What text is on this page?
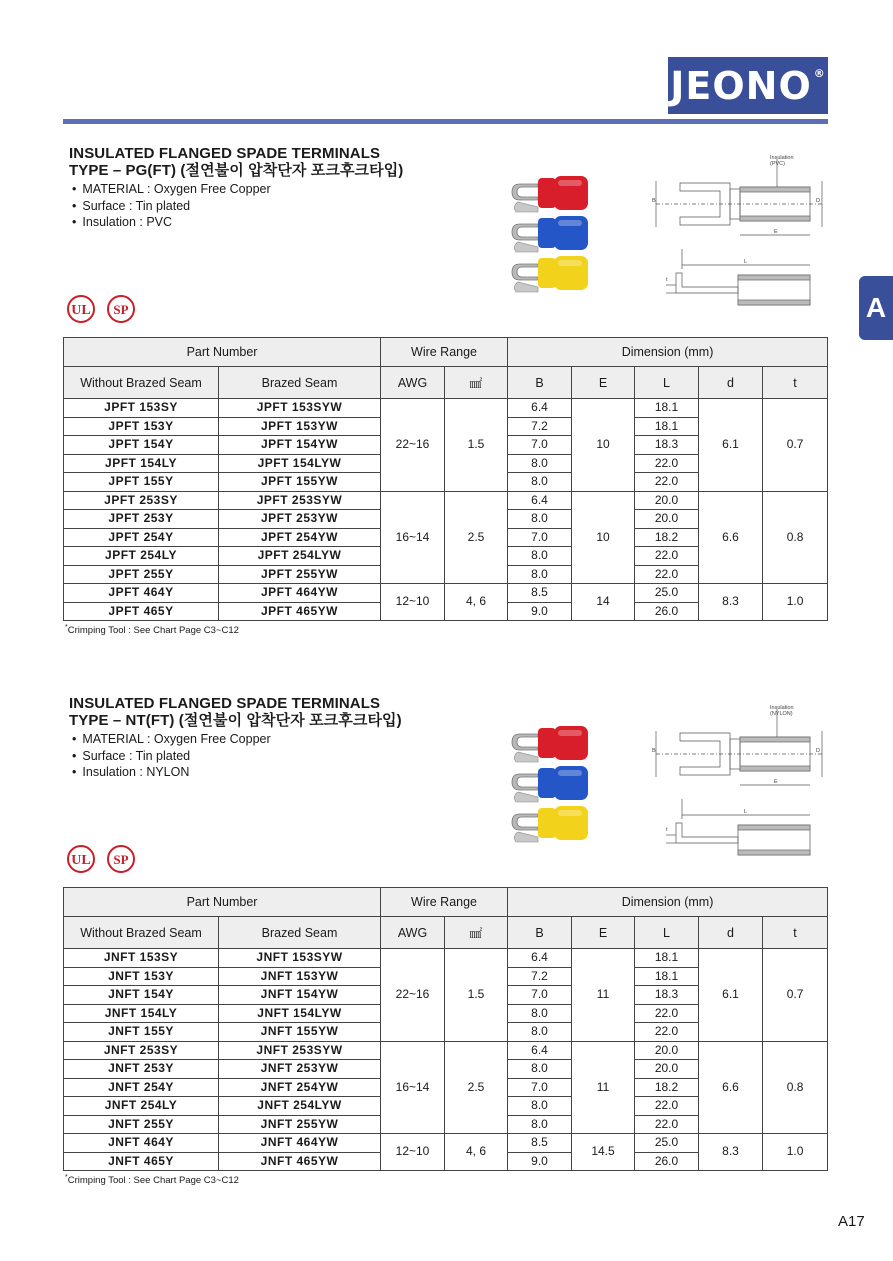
JEONO®
A
INSULATED FLANGED SPADE TERMINALS
TYPE – PG(FT) (절연불이 압착단자 포크후크타입)
• MATERIAL : Oxygen Free Copper
• Surface : Tin plated
• Insulation : PVC
Insulation
(PVC)
B	D
E
L
t
UL SP
Part Number		Wire Range		Dimension (mm)				
Without Brazed Seam	Brazed Seam	AWG	㎟	B	E	L	d	t
JPFT 153SY	JPFT 153SYW	22~16	1.5	6.4	10	18.1	6.1	0.7
JPFT 153Y	JPFT 153YW			7.2		18.1		
JPFT 154Y	JPFT 154YW			7.0		18.3		
JPFT 154LY	JPFT 154LYW			8.0		22.0		
JPFT 155Y	JPFT 155YW			8.0		22.0		
JPFT 253SY	JPFT 253SYW	16~14	2.5	6.4	10	20.0	6.6	0.8
JPFT 253Y	JPFT 253YW			8.0		20.0		
JPFT 254Y	JPFT 254YW			7.0		18.2		
JPFT 254LY	JPFT 254LYW			8.0		22.0		
JPFT 255Y	JPFT 255YW			8.0		22.0		
JPFT 464Y	JPFT 464YW	12~10	4, 6	8.5	14	25.0	8.3	1.0
JPFT 465Y	JPFT 465YW			9.0		26.0		
*Crimping Tool : See Chart Page C3~C12
INSULATED FLANGED SPADE TERMINALS
TYPE – NT(FT) (절연불이 압착단자 포크후크타입)
• MATERIAL : Oxygen Free Copper
• Surface : Tin plated
• Insulation : NYLON
Insulation
(NYLON)
B	D
E
L
t
UL SP
Part Number		Wire Range		Dimension (mm)				
Without Brazed Seam	Brazed Seam	AWG	㎟	B	E	L	d	t
JNFT 153SY	JNFT 153SYW	22~16	1.5	6.4	11	18.1	6.1	0.7
JNFT 153Y	JNFT 153YW			7.2		18.1		
JNFT 154Y	JNFT 154YW			7.0		18.3		
JNFT 154LY	JNFT 154LYW			8.0		22.0		
JNFT 155Y	JNFT 155YW			8.0		22.0		
JNFT 253SY	JNFT 253SYW	16~14	2.5	6.4	11	20.0	6.6	0.8
JNFT 253Y	JNFT 253YW			8.0		20.0		
JNFT 254Y	JNFT 254YW			7.0		18.2		
JNFT 254LY	JNFT 254LYW			8.0		22.0		
JNFT 255Y	JNFT 255YW			8.0		22.0		
JNFT 464Y	JNFT 464YW	12~10	4, 6	8.5	14.5	25.0	8.3	1.0
JNFT 465Y	JNFT 465YW			9.0		26.0		
*Crimping Tool : See Chart Page C3~C12
A17
